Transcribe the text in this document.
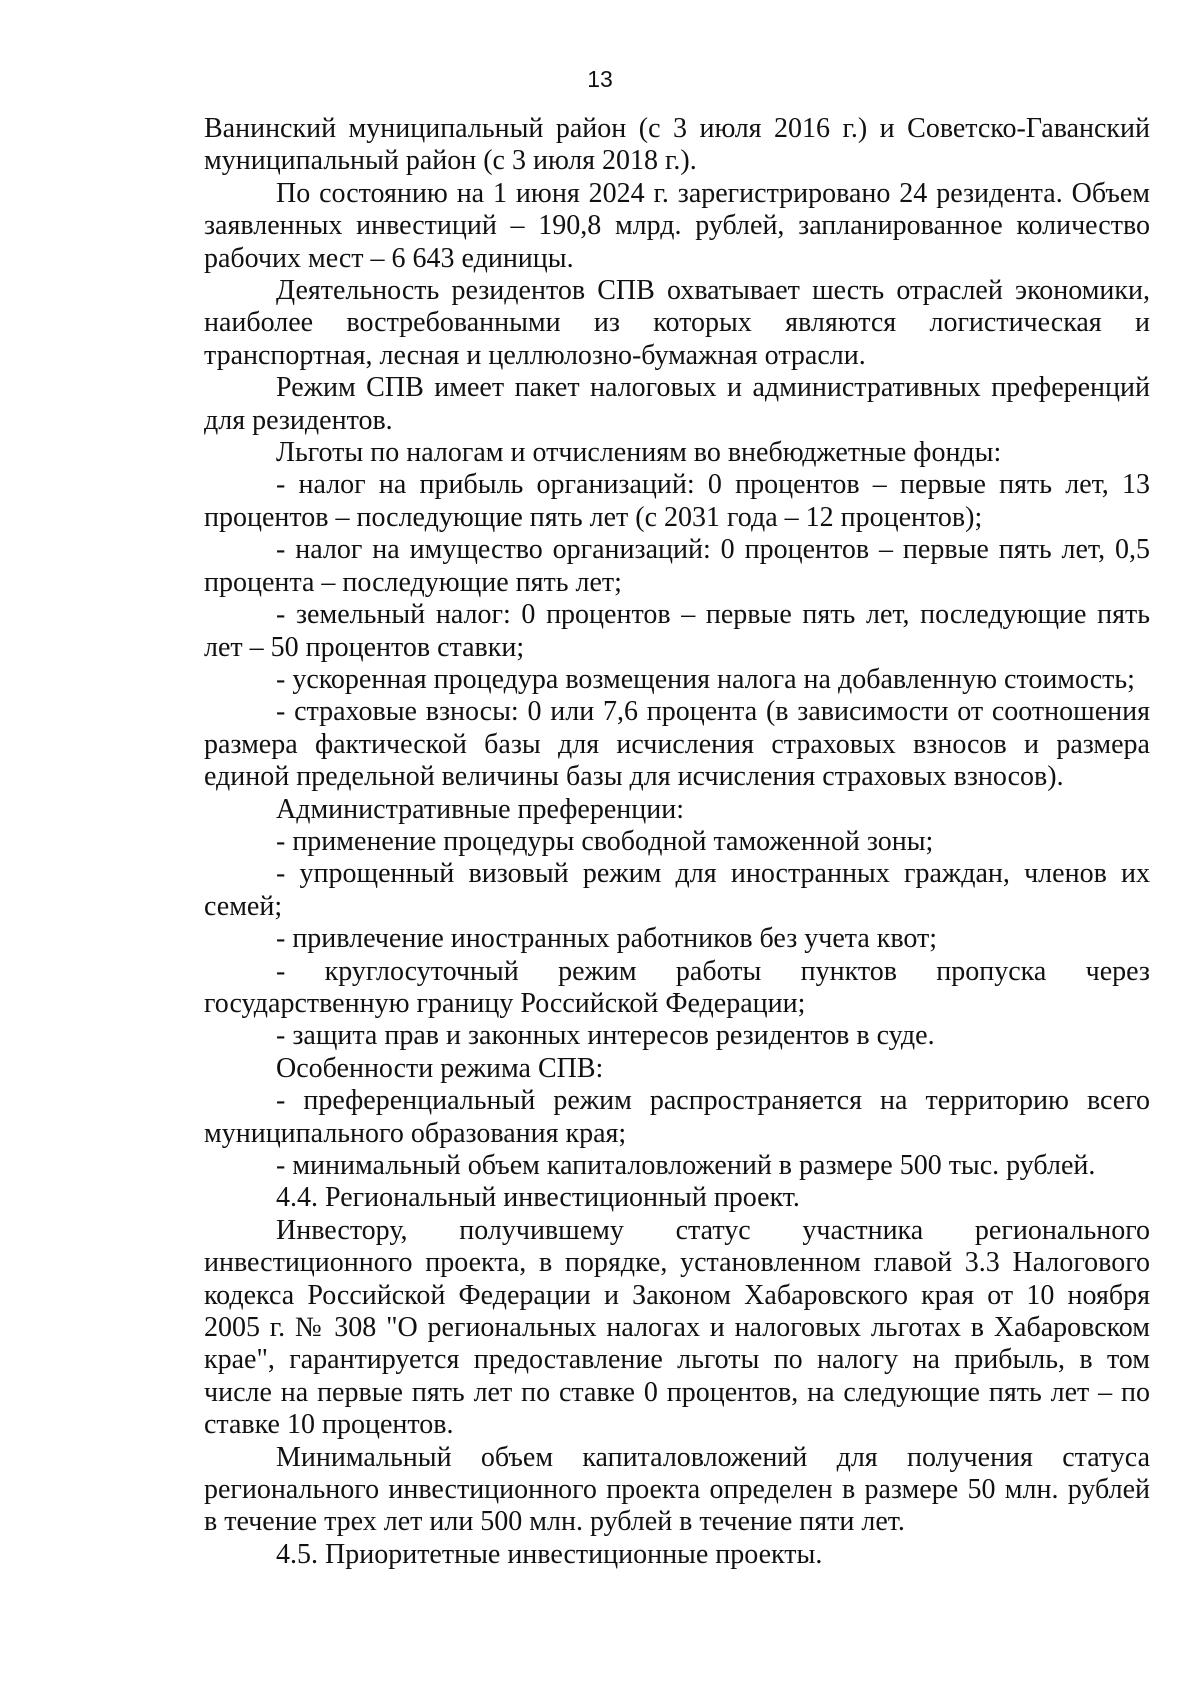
13

Ванинский муниципальный район (с 3 июля 2016 г.) и Советско-Гаванский муниципальный район (с 3 июля 2018 г.).

По состоянию на 1 июня 2024 г. зарегистрировано 24 резидента. Объем заявленных инвестиций – 190,8 млрд. рублей, запланированное количество рабочих мест – 6 643 единицы.

Деятельность резидентов СПВ охватывает шесть отраслей экономики, наиболее востребованными из которых являются логистическая и транспортная, лесная и целлюлозно-бумажная отрасли.

Режим СПВ имеет пакет налоговых и административных преференций для резидентов.

Льготы по налогам и отчислениям во внебюджетные фонды:

- налог на прибыль организаций: 0 процентов – первые пять лет, 13 процентов – последующие пять лет (с 2031 года – 12 процентов);

- налог на имущество организаций: 0 процентов – первые пять лет, 0,5 процента – последующие пять лет;

- земельный налог: 0 процентов – первые пять лет, последующие пять лет – 50 процентов ставки;

- ускоренная процедура возмещения налога на добавленную стоимость;

- страховые взносы: 0 или 7,6 процента (в зависимости от соотношения размера фактической базы для исчисления страховых взносов и размера единой предельной величины базы для исчисления страховых взносов).

Административные преференции:

- применение процедуры свободной таможенной зоны;

- упрощенный визовый режим для иностранных граждан, членов их семей;

- привлечение иностранных работников без учета квот;

- круглосуточный режим работы пунктов пропуска через государственную границу Российской Федерации;

- защита прав и законных интересов резидентов в суде.

Особенности режима СПВ:

- преференциальный режим распространяется на территорию всего муниципального образования края;

- минимальный объем капиталовложений в размере 500 тыс. рублей.

4.4. Региональный инвестиционный проект.

Инвестору, получившему статус участника регионального инвестиционного проекта, в порядке, установленном главой 3.3 Налогового кодекса Российской Федерации и Законом Хабаровского края от 10 ноября 2005 г. № 308 "О региональных налогах и налоговых льготах в Хабаровском крае", гарантируется предоставление льготы по налогу на прибыль, в том числе на первые пять лет по ставке 0 процентов, на следующие пять лет – по ставке 10 процентов.

Минимальный объем капиталовложений для получения статуса регионального инвестиционного проекта определен в размере 50 млн. рублей в течение трех лет или 500 млн. рублей в течение пяти лет.

4.5. Приоритетные инвестиционные проекты.
